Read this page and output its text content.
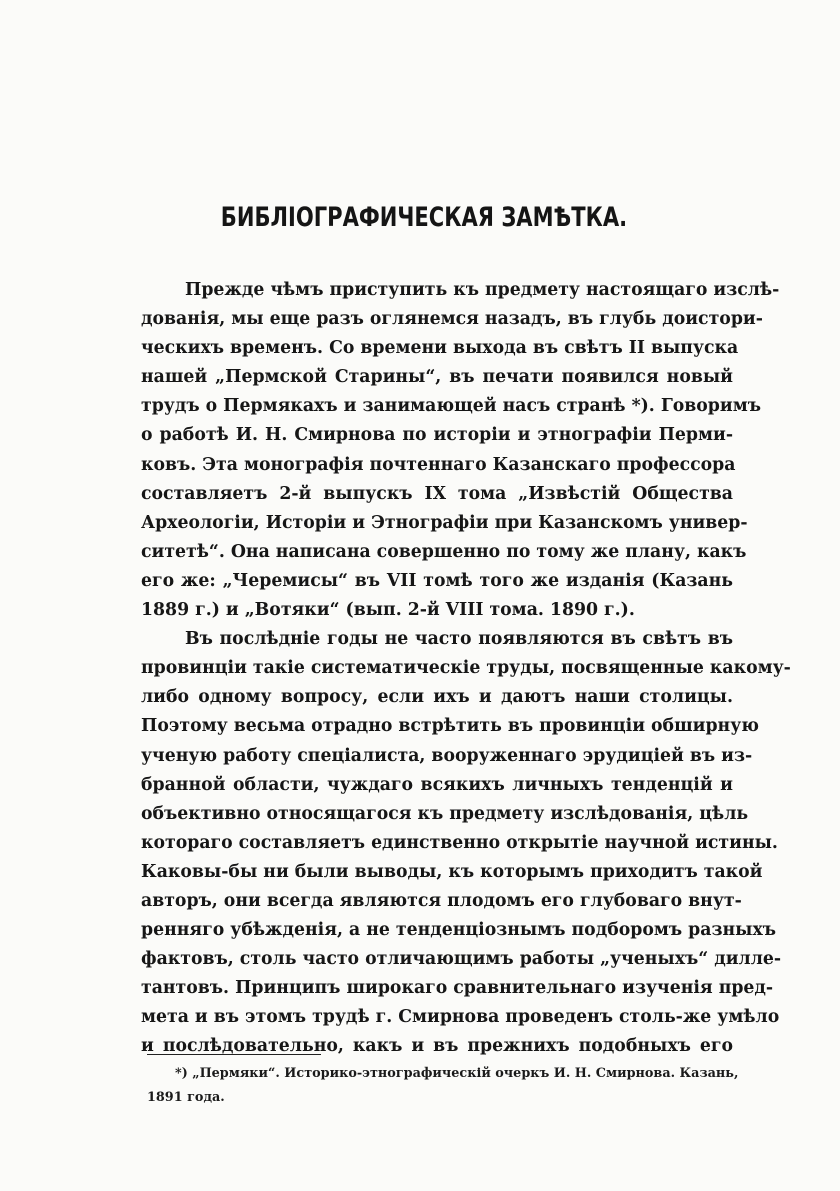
БИБЛІОГРАФИЧЕСКАЯ ЗАМѢТКА.
Прежде чѣмъ приступить къ предмету настоящаго изслѣ-
дованія, мы еще разъ оглянемся назадъ, въ глубь доистори-
ческихъ временъ. Со времени выхода въ свѣтъ II выпуска
нашей „Пермской Старины“, въ печати появился новый
трудъ о Пермякахъ и занимающей насъ странѣ *). Говоримъ
о работѣ И. Н. Смирнова по исторіи и этнографіи Перми-
ковъ. Эта монографія почтеннаго Казанскаго профессора
составляетъ 2-й выпускъ IX тома „Извѣстій Общества
Археологіи, Исторіи и Этнографіи при Казанскомъ универ-
ситетѣ“. Она написана совершенно по тому же плану, какъ
его же: „Черемисы“ въ VII томѣ того же изданія (Казань
1889 г.) и „Вотяки“ (вып. 2-й VIII тома. 1890 г.).
Въ послѣдніе годы не часто появляются въ свѣтъ въ
провинціи такіе систематическіе труды, посвященные какому-
либо одному вопросу, если ихъ и даютъ наши столицы.
Поэтому весьма отрадно встрѣтить въ провинціи обширную
ученую работу спеціалиста, вооруженнаго эрудиціей въ из-
бранной области, чуждаго всякихъ личныхъ тенденцій и
объективно относящагося къ предмету изслѣдованія, цѣль
котораго составляетъ единственно открытіе научной истины.
Каковы-бы ни были выводы, къ которымъ приходитъ такой
авторъ, они всегда являются плодомъ его глубоваго внут-
ренняго убѣжденія, а не тенденціознымъ подборомъ разныхъ
фактовъ, столь часто отличающимъ работы „ученыхъ“ дилле-
тантовъ. Принципъ широкаго сравнительнаго изученія пред-
мета и въ этомъ трудѣ г. Смирнова проведенъ столь-же умѣло
и послѣдовательно, какъ и въ прежнихъ подобныхъ его
*) „Пермяки“. Историко-этнографическій очеркъ И. Н. Смирнова. Казань,
1891 года.
